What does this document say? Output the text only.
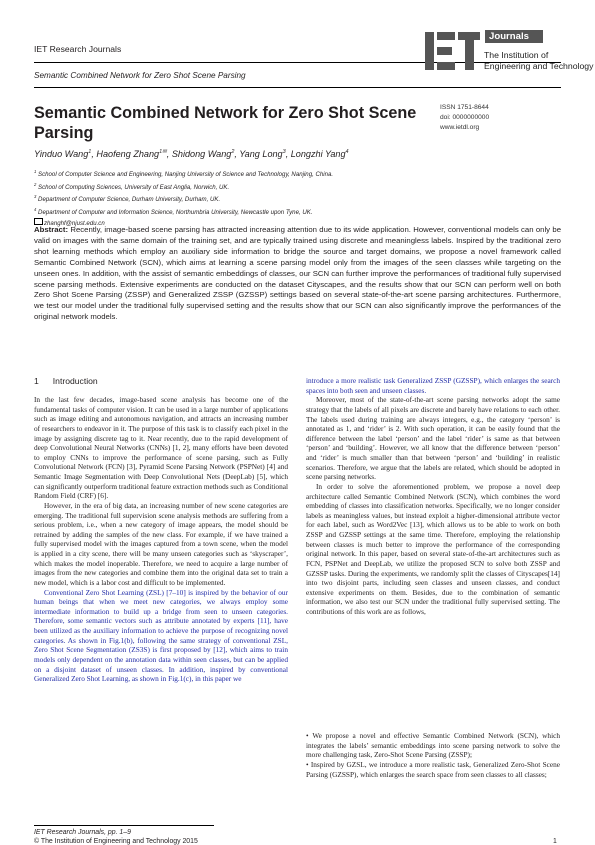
IET Research Journals
Semantic Combined Network for Zero Shot Scene Parsing
Journals
The Institution of
Engineering and Technology
Semantic Combined Network for Zero Shot Scene Parsing
ISSN 1751-8644
doi: 0000000000
www.ietdl.org
Yinduo Wang$^1$, Haofeng Zhang$^{1✉}$, Shidong Wang$^2$, Yang Long$^3$, Longzhi Yang$^4$
$^1$ School of Computer Science and Engineering, Nanjing University of Science and Technology, Nanjing, China.
$^2$ School of Computing Sciences, University of East Anglia, Norwich, UK.
$^3$ Department of Computer Science, Durham University, Durham, UK.
$^4$ Department of Computer and Information Science, Northumbria University, Newcastle upon Tyne, UK.
zhanghf@njust.edu.cn
Abstract: Recently, image-based scene parsing has attracted increasing attention due to its wide application. However, conventional models can only be valid on images with the same domain of the training set, and are typically trained using discrete and meaningless labels. Inspired by the traditional zero shot learning methods which employ an auxiliary side information to bridge the source and target domains, we propose a novel framework called Semantic Combined Network (SCN), which aims at learning a scene parsing model only from the images of the seen classes while targeting on the unseen ones. In addition, with the assist of semantic embeddings of classes, our SCN can further improve the performances of traditional fully supervised scene parsing methods. Extensive experiments are conducted on the dataset Cityscapes, and the results show that our SCN can perform well on both Zero Shot Scene Parsing (ZSSP) and Generalized ZSSP (GZSSP) settings based on several state-of-the-art scene parsing architectures. Furthermore, we test our model under the traditional fully supervised setting and the results show that our SCN can also significantly improve the performances of the original network models.
1 Introduction

In the last few decades, image-based scene analysis has become one of the fundamental tasks of computer vision. It can be used in a large number of applications such as image editing and autonomous navigation, and attracts an increasing number of researchers to endeavor in it. The purpose of this task is to classify each pixel in the image by assigning discrete tag to it. Near recently, due to the rapid development of deep Convolutional Neural Networks (CNNs) [1, 2], many efforts have been devoted to employ CNNs to improve the performance of scene parsing, such as Fully Convolutional Network (FCN) [3], Pyramid Scene Parsing Network (PSPNet) [4] and Semantic Image Segmentation with Deep Convolutional Nets (DeepLab) [5], which can significantly outperform traditional feature extraction methods such as Conditional Random Field (CRF) [6].

However, in the era of big data, an increasing number of new scene categories are emerging. The traditional full supervision scene analysis methods are suffering from a serious problem, i.e., when a new category of image appears, the model should be retrained by adding the samples of the new class. For example, if we have trained a fully supervised model with the images captured from a town scene, when the model is applied in a city scene, there will be many unseen categories such as ‘skyscraper’, which makes the model inoperable. Therefore, we need to acquire a large number of images from the new categories and combine them into the original data set to train a new model, which is a labor cost and difficult to be implemented.

Conventional Zero Shot Learning (ZSL) [7–10] is inspired by the behavior of our human beings that when we meet new categories, we always employ some intermediate information to build up a bridge from seen to unseen categories. Therefore, some semantic vectors such as attribute annotated by experts [11], have been utilized as the auxiliary information to achieve the purpose of recognizing novel categories. As shown in Fig.1(b), following the same strategy of conventional ZSL, Zero Shot Scene Segmentation (ZS3S) is first proposed by [12], which aims to train models only dependent on the annotation data within seen classes, but can be applied on a disjoint dataset of unseen classes. In addition, inspired by conventional Generalized Zero Shot Learning, as shown in Fig.1(c), in this paper we

introduce a more realistic task Generalized ZSSP (GZSSP), which enlarges the search spaces into both seen and unseen classes.

Moreover, most of the state-of-the-art scene parsing networks adopt the same strategy that the labels of all pixels are discrete and barely have relations to each other. The labels used during training are always integers, e.g., the category ‘person’ is annotated as 1, and ‘rider’ is 2. With such operation, it can be easily found that the difference between the label ‘person’ and the label ‘rider’ is same as that between ‘person’ and ‘building’. However, we all know that the difference between ‘person’ and ‘rider’ is much smaller than that between ‘person’ and ‘building’ in realistic scenarios. Therefore, we argue that the labels are related, which should be adopted in scene parsing networks.

In order to solve the aforementioned problem, we propose a novel deep architecture called Semantic Combined Network (SCN), which combines the word embedding of classes into classification networks. Specifically, we no longer consider labels as meaningless values, but instead exploit a higher-dimensional attribute vector for each label, such as Word2Vec [13], which allows us to be able to work on both ZSSP and GZSSP settings at the same time. Therefore, employing the relationship between classes is much better to improve the performance of the corresponding original network. In this paper, based on several state-of-the-art architectures such as FCN, PSPNet and DeepLab, we utilize the proposed SCN to solve both ZSSP and GZSSP tasks. During the experiments, we randomly split the classes of Cityscapes[14] into two disjoint parts, including seen classes and unseen classes, and conduct extensive experiments on them. Besides, due to the combination of semantic information, we also test our SCN under the traditional fully supervised setting. The contributions of this work are as follows,

• We propose a novel and effective Semantic Combined Network (SCN), which integrates the labels’ semantic embeddings into scene parsing network to solve the more challenging task, Zero-Shot Scene Parsing (ZSSP);

• Inspired by GZSL, we introduce a more realistic task, Generalized Zero-Shot Scene Parsing (GZSSP), which enlarges the search space from seen classes to all classes;

IET Research Journals, pp. 1–9
© The Institution of Engineering and Technology 2015	1
